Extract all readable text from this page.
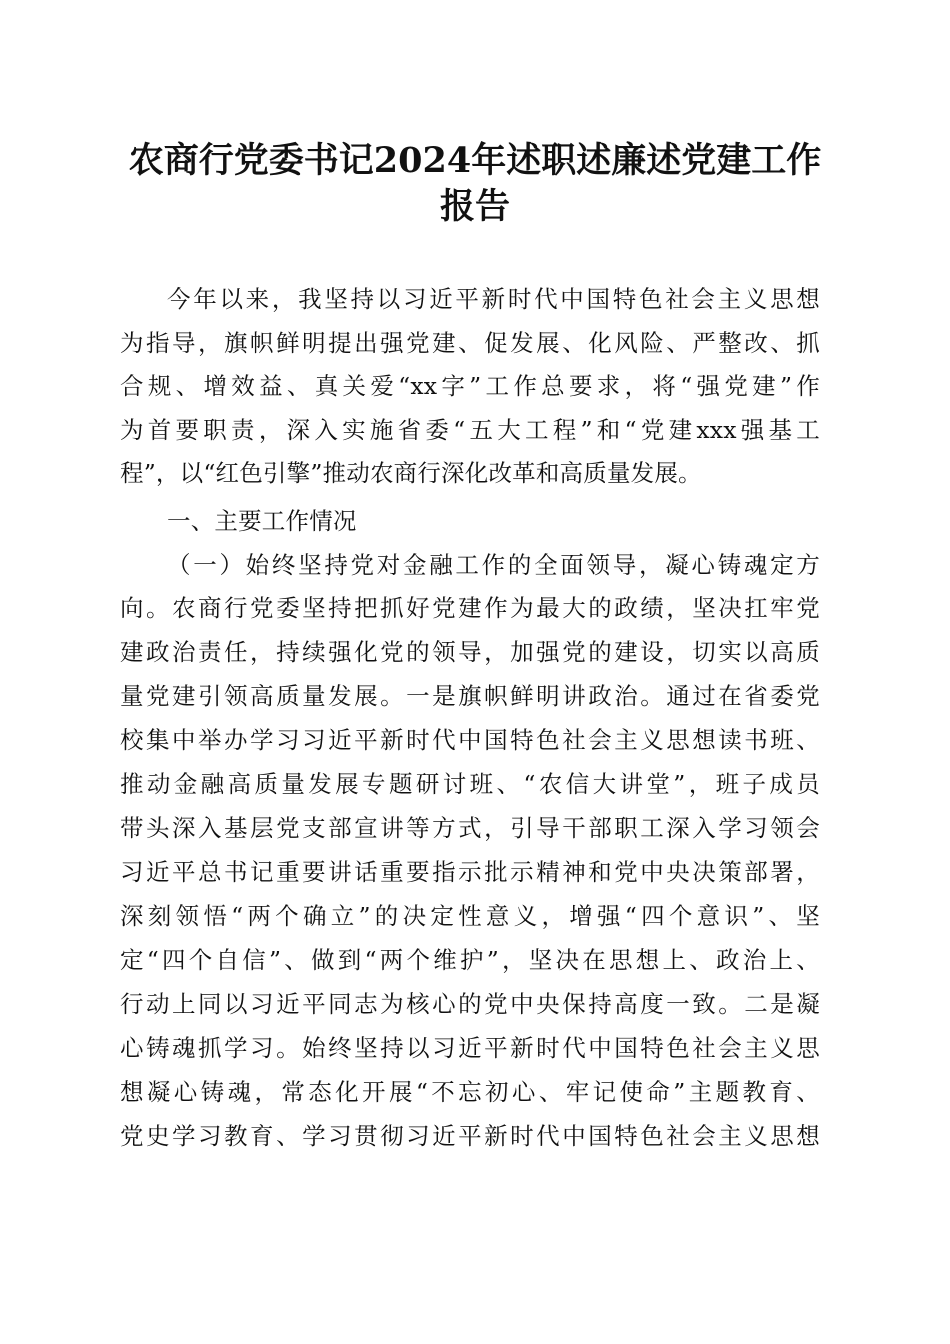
农商行党委书记2024年述职述廉述党建工作
报告
今年以来，我坚持以习近平新时代中国特色社会主义思想
为指导，旗帜鲜明提出强党建、促发展、化风险、严整改、抓
合规、增效益、真关爱“xx字”工作总要求，将“强党建”作
为首要职责，深入实施省委“五大工程”和“党建xxx强基工
程”，以“红色引擎”推动农商行深化改革和高质量发展。
一、主要工作情况
（一）始终坚持党对金融工作的全面领导，凝心铸魂定方
向。农商行党委坚持把抓好党建作为最大的政绩，坚决扛牢党
建政治责任，持续强化党的领导，加强党的建设，切实以高质
量党建引领高质量发展。一是旗帜鲜明讲政治。通过在省委党
校集中举办学习习近平新时代中国特色社会主义思想读书班、
推动金融高质量发展专题研讨班、“农信大讲堂”，班子成员
带头深入基层党支部宣讲等方式，引导干部职工深入学习领会
习近平总书记重要讲话重要指示批示精神和党中央决策部署，
深刻领悟“两个确立”的决定性意义，增强“四个意识”、坚
定“四个自信”、做到“两个维护”，坚决在思想上、政治上、
行动上同以习近平同志为核心的党中央保持高度一致。二是凝
心铸魂抓学习。始终坚持以习近平新时代中国特色社会主义思
想凝心铸魂，常态化开展“不忘初心、牢记使命”主题教育、
党史学习教育、学习贯彻习近平新时代中国特色社会主义思想
